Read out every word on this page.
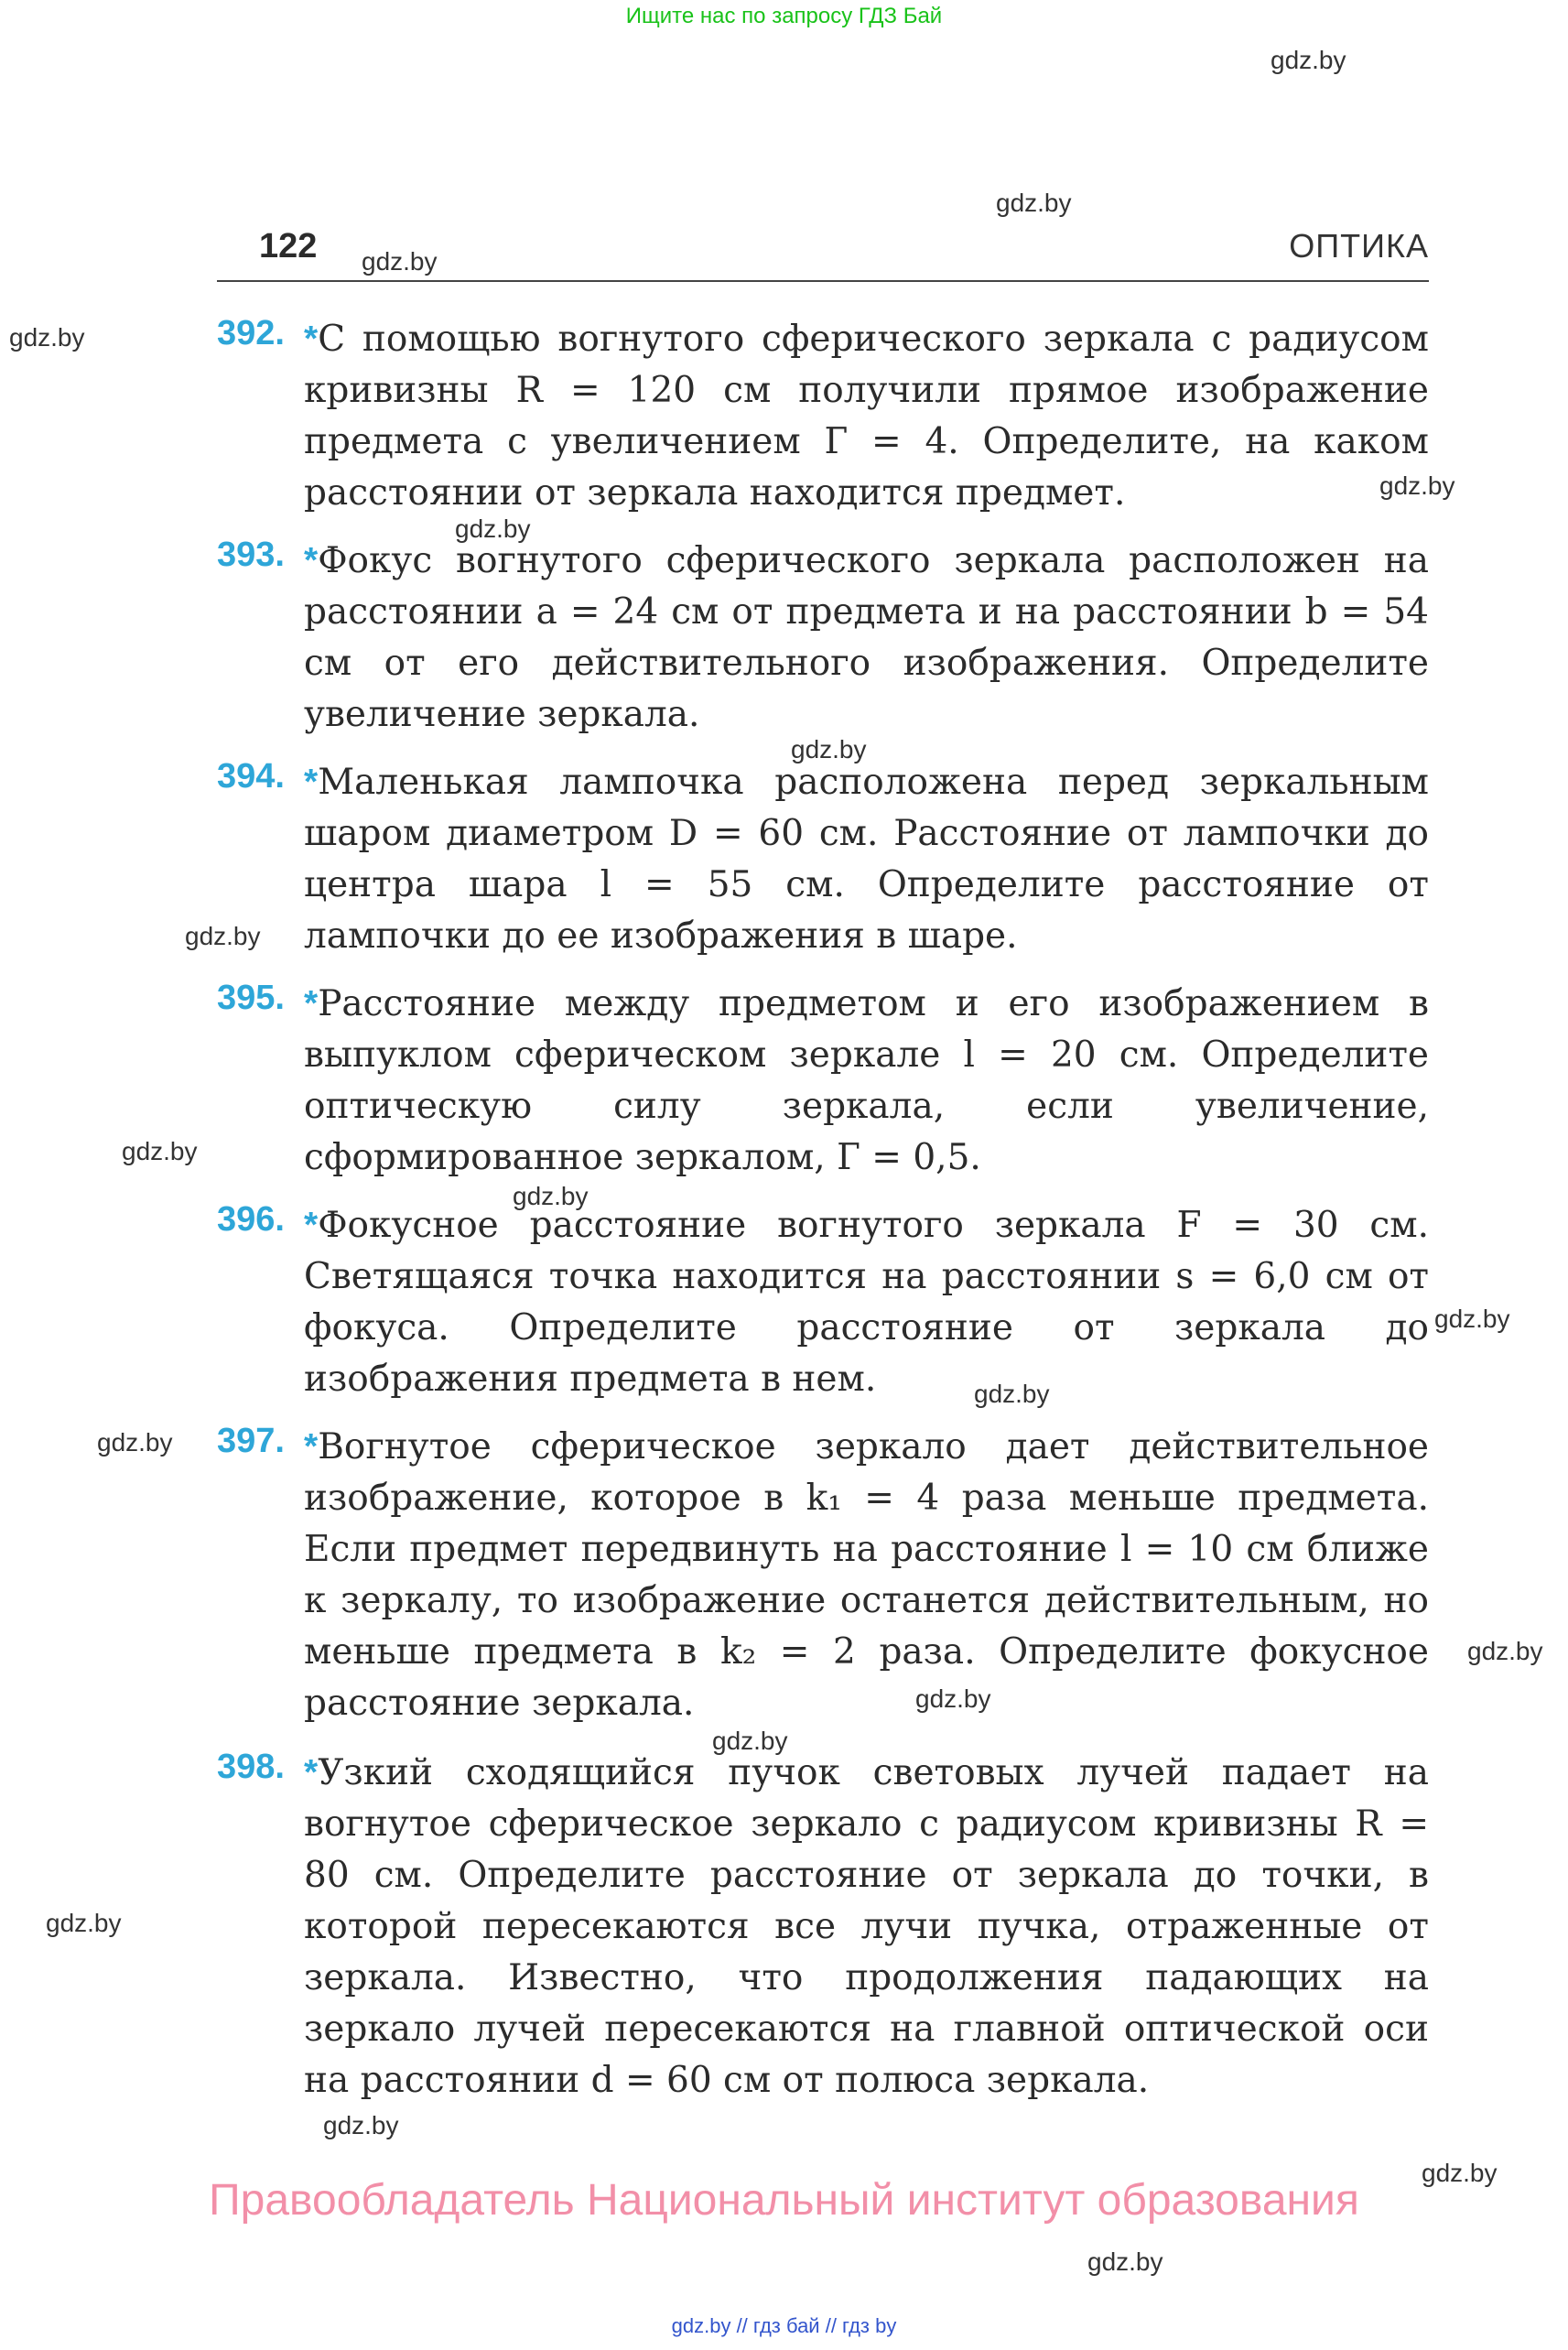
Ищите нас по запросу ГДЗ Бай
gdz.by
gdz.by
gdz.by
gdz.by
gdz.by
gdz.by
gdz.by
gdz.by
gdz.by
gdz.by
gdz.by
gdz.by
gdz.by
gdz.by
gdz.by
gdz.by
gdz.by
gdz.by
gdz.by
gdz.by
122	ОПТИКА
392. *С помощью вогнутого сферического зеркала с радиусом кривизны R = 120 см получили прямое изображение предмета с увеличением Г = 4. Определите, на каком расстоянии от зеркала находится предмет.
393. *Фокус вогнутого сферического зеркала расположен на расстоянии a = 24 см от предмета и на расстоянии b = 54 см от его действительного изображения. Определите увеличение зеркала.
394. *Маленькая лампочка расположена перед зеркальным шаром диаметром D = 60 см. Расстояние от лампочки до центра шара l = 55 см. Определите расстояние от лампочки до ее изображения в шаре.
395. *Расстояние между предметом и его изображением в выпуклом сферическом зеркале l = 20 см. Определите оптическую силу зеркала, если увеличение, сформированное зеркалом, Г = 0,5.
396. *Фокусное расстояние вогнутого зеркала F = 30 см. Светящаяся точка находится на расстоянии s = 6,0 см от фокуса. Определите расстояние от зеркала до изображения предмета в нем.
397. *Вогнутое сферическое зеркало дает действительное изображение, которое в k₁ = 4 раза меньше предмета. Если предмет передвинуть на расстояние l = 10 см ближе к зеркалу, то изображение останется действительным, но меньше предмета в k₂ = 2 раза. Определите фокусное расстояние зеркала.
398. *Узкий сходящийся пучок световых лучей падает на вогнутое сферическое зеркало с радиусом кривизны R = 80 см. Определите расстояние от зеркала до точки, в которой пересекаются все лучи пучка, отраженные от зеркала. Известно, что продолжения падающих на зеркало лучей пересекаются на главной оптической оси на расстоянии d = 60 см от полюса зеркала.
Правообладатель Национальный институт образования
gdz.by // гдз бай // гдз by
